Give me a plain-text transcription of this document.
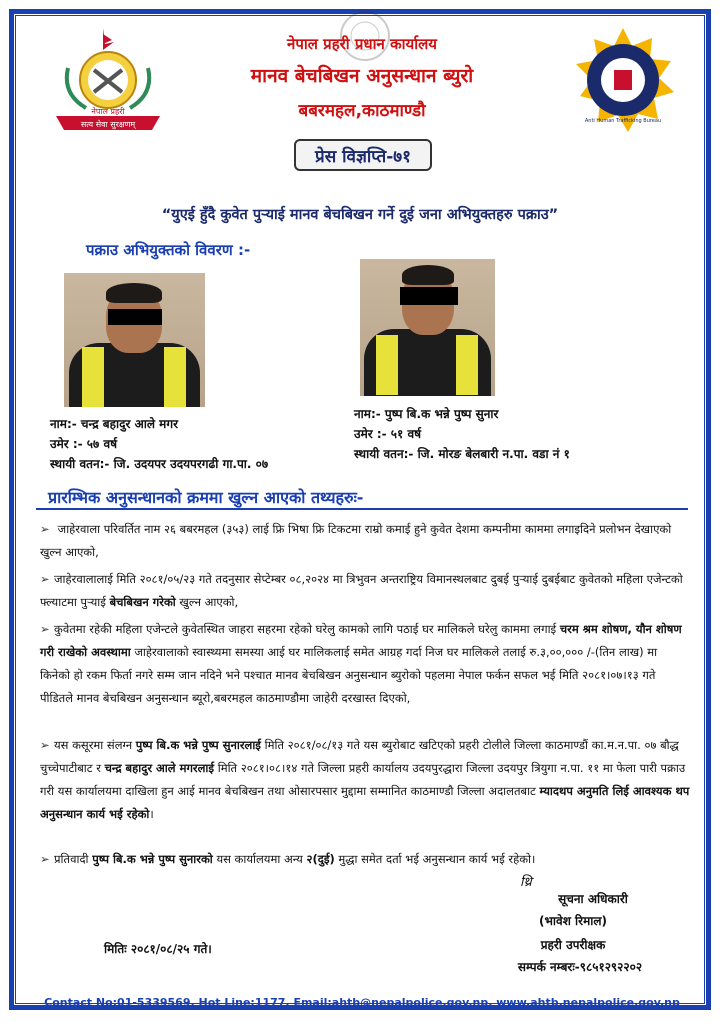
नेपाल प्रहरी
सत्य सेवा सुरक्षणम्	Anti Human Trafficking Bureau
नेपाल प्रहरी प्रधान कार्यालय
मानव बेचबिखन अनुसन्धान ब्युरो
बबरमहल,काठमाण्डौ
प्रेस विज्ञप्ति-७१
“युएई हुँदै कुवेत पुऱ्याई मानव बेचबिखन गर्ने दुई जना अभियुक्तहरु पक्राउ”
पक्राउ अभियुक्तको विवरण :-
नाम:- चन्द्र बहादुर आले मगर
उमेर :- ५७ वर्ष
स्थायी वतन:- जि. उदयपर उदयपरगढी गा.पा. ०७
नाम:- पुष्प बि.क भन्ने पुष्प सुनार
उमेर :- ५१ वर्ष
स्थायी वतन:- जि. मोरङ बेलबारी न.पा. वडा नं १
प्रारम्भिक अनुसन्धानको क्रममा खुल्न आएको तथ्यहरुः-
➢ जाहेरवाला परिवर्तित नाम २६ बबरमहल (३५३) लाई फ्रि भिषा फ्रि टिकटमा राम्रो कमाई हुने कुवेत देशमा कम्पनीमा काममा लगाइदिने प्रलोभन देखाएको खुल्न आएको,
➢ जाहेरवालालाई मिति २०८१/०५/२३ गते तदनुसार सेप्टेम्बर ०८,२०२४ मा त्रिभुवन अन्तराष्ट्रिय विमानस्थलबाट दुबई पुऱ्याई दुबईबाट कुवेतको महिला एजेन्टको फ्ल्याटमा पुऱ्याई बेचबिखन गरेको खुल्न आएको,
➢ कुवेतमा रहेकी महिला एजेन्टले कुवेतस्थित जाहरा सहरमा रहेको घरेलु कामको लागि पठाई घर मालिकले घरेलु काममा लगाई चरम श्रम शोषण, यौन शोषण गरी राखेको अवस्थामा जाहेरवालाको स्वास्थ्यमा समस्या आई घर मालिकलाई समेत आग्रह गर्दा निज घर मालिकले तलाई रु.३,००,००० /-(तिन लाख) मा किनेको हो रकम फिर्ता नगरे सम्म जान नदिने भने पश्चात मानव बेचबिखन अनुसन्धान ब्युरोको पहलमा नेपाल फर्कन सफल भई मिति २०८१।०७।१३ गते पीडितले मानव बेचबिखन अनुसन्धान ब्यूरो,बबरमहल काठमाण्डौमा जाहेरी दरखास्त दिएको,
➢ यस कसूरमा संलग्न पुष्प बि.क भन्ने पुष्प सुनारलाई मिति २०८१/०८/१३ गते यस ब्युरोबाट खटिएको प्रहरी टोलीले जिल्ला काठमाण्डौं का.म.न.पा. ०७ बौद्ध चुच्चेपाटीबाट र चन्द्र बहादुर आले मगरलाई मिति २०८१।०८।१४ गते जिल्ला प्रहरी कार्यालय उदयपुरद्धारा जिल्ला उदयपुर त्रियुगा न.पा. ११ मा फेला पारी पक्राउ गरी यस कार्यालयमा दाखिला हुन आई मानव बेचबिखन तथा ओसारपसार मुद्दामा सम्मानित काठमाण्डौ जिल्ला अदालतबाट म्यादथप अनुमति लिई आवश्यक थप अनुसन्धान कार्य भई रहेको।
➢ प्रतिवादी पुष्प बि.क भन्ने पुष्प सुनारको यस कार्यालयमा अन्य २(दुई) मुद्धा समेत दर्ता भई अनुसन्धान कार्य भई रहेको।
थ्रि
सूचना अधिकारी
(भावेश रिमाल)
प्रहरी उपरीक्षक
सम्पर्क नम्बरः-९८५१२९२२०२
मितिः २०८१/०८/२५ गते।
Contact No:01-5339569, Hot Line:1177, Email:ahtb@nepalpolice.gov.np, www.ahtb.nepalpolice.gov.np
